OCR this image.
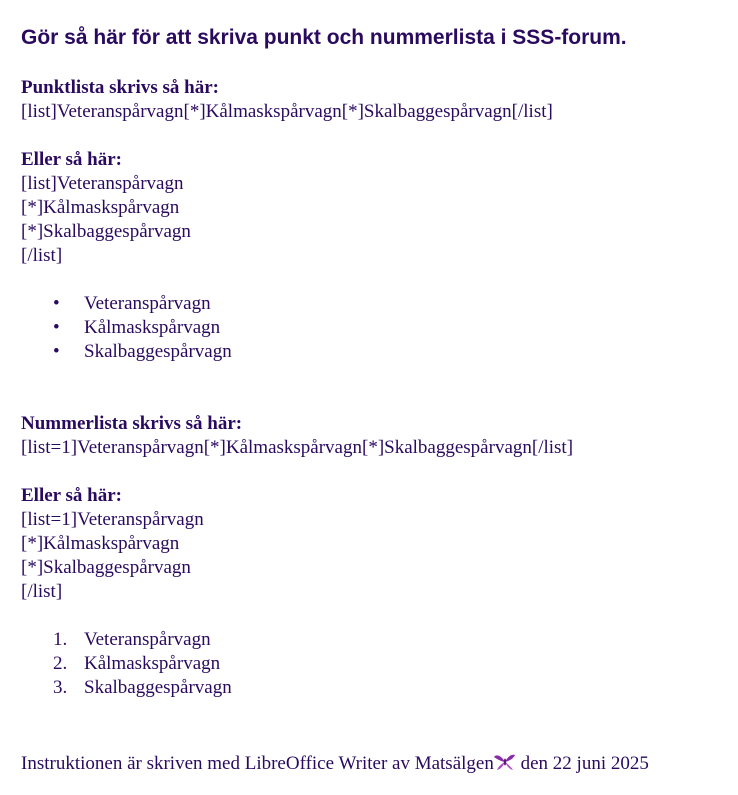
Gör så här för att skriva punkt och nummerlista i SSS-forum.
Punktlista skrivs så här:
[list]Veteranspårvagn[*]Kålmaskspårvagn[*]Skalbaggespårvagn[/list]
Eller så här:
[list]Veteranspårvagn
[*]Kålmaskspårvagn
[*]Skalbaggespårvagn
[/list]
• Veteranspårvagn
• Kålmaskspårvagn
• Skalbaggespårvagn
Nummerlista skrivs så här:
[list=1]Veteranspårvagn[*]Kålmaskspårvagn[*]Skalbaggespårvagn[/list]
Eller så här:
[list=1]Veteranspårvagn
[*]Kålmaskspårvagn
[*]Skalbaggespårvagn
[/list]
1. Veteranspårvagn
2. Kålmaskspårvagn
3. Skalbaggespårvagn
Instruktionen är skriven med LibreOffice Writer av Matsälgen den 22 juni 2025
